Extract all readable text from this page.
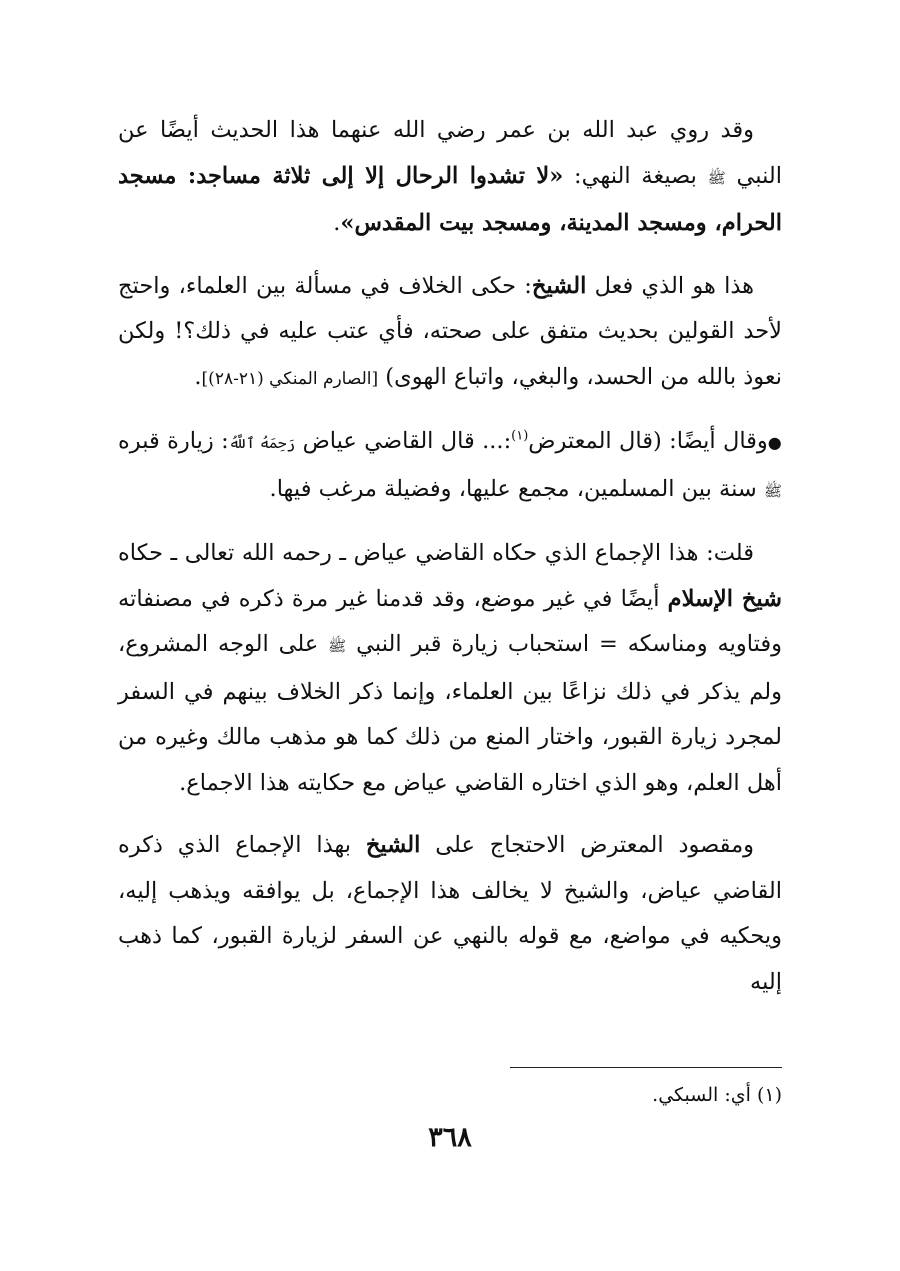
وقد روي عبد الله بن عمر رضي الله عنهما هذا الحديث أيضًا عن النبي ﷺ بصيغة النهي: «لا تشدوا الرحال إلا إلى ثلاثة مساجد: مسجد الحرام، ومسجد المدينة، ومسجد بيت المقدس».

هذا هو الذي فعل الشيخ: حكى الخلاف في مسألة بين العلماء، واحتج لأحد القولين بحديث متفق على صحته، فأي عتب عليه في ذلك؟! ولكن نعوذ بالله من الحسد، والبغي، واتباع الهوى) [الصارم المنكي (٢١-٢٨)].

●وقال أيضًا: (قال المعترض$^{(١)}$:... قال القاضي عياض رَحِمَهُ ٱللَّهُ: زيارة قبره ﷺ سنة بين المسلمين، مجمع عليها، وفضيلة مرغب فيها.

قلت: هذا الإجماع الذي حكاه القاضي عياض ـ رحمه الله تعالى ـ حكاه شيخ الإسلام أيضًا في غير موضع، وقد قدمنا غير مرة ذكره في مصنفاته وفتاويه ومناسكه = استحباب زيارة قبر النبي ﷺ على الوجه المشروع، ولم يذكر في ذلك نزاعًا بين العلماء، وإنما ذكر الخلاف بينهم في السفر لمجرد زيارة القبور، واختار المنع من ذلك كما هو مذهب مالك وغيره من أهل العلم، وهو الذي اختاره القاضي عياض مع حكايته هذا الاجماع.

ومقصود المعترض الاحتجاج على الشيخ بهذا الإجماع الذي ذكره القاضي عياض، والشيخ لا يخالف هذا الإجماع، بل يوافقه ويذهب إليه، ويحكيه في مواضع، مع قوله بالنهي عن السفر لزيارة القبور، كما ذهب إليه

(١) أي: السبكي.
٣٦٨
